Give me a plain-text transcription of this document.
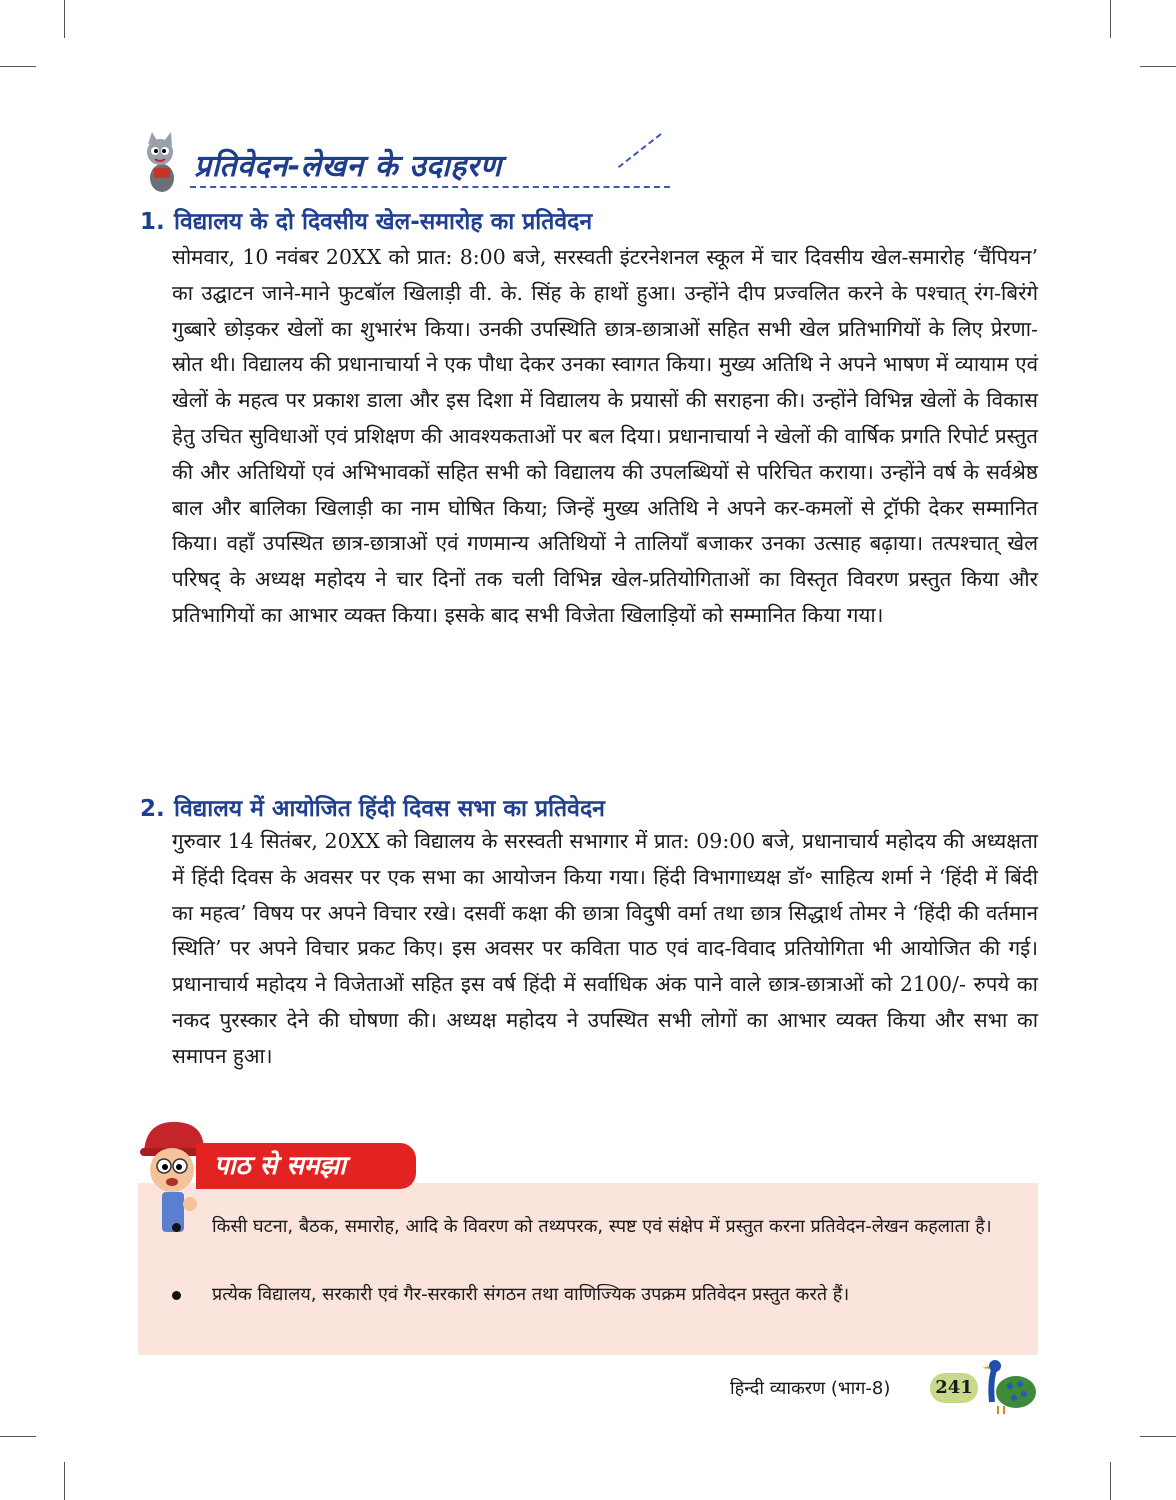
प्रतिवेदन-लेखन के उदाहरण
1. विद्यालय के दो दिवसीय खेल-समारोह का प्रतिवेदन
सोमवार, 10 नवंबर 20XX को प्रात: 8:00 बजे, सरस्वती इंटरनेशनल स्कूल में चार दिवसीय खेल-समारोह ‘चैंपियन’ का उद्घाटन जाने-माने फुटबॉल खिलाड़ी वी. के. सिंह के हाथों हुआ। उन्होंने दीप प्रज्वलित करने के पश्चात् रंग-बिरंगे गुब्बारे छोड़कर खेलों का शुभारंभ किया। उनकी उपस्थिति छात्र-छात्राओं सहित सभी खेल प्रतिभागियों के लिए प्रेरणा-स्रोत थी। विद्यालय की प्रधानाचार्या ने एक पौधा देकर उनका स्वागत किया। मुख्य अतिथि ने अपने भाषण में व्यायाम एवं खेलों के महत्व पर प्रकाश डाला और इस दिशा में विद्यालय के प्रयासों की सराहना की। उन्होंने विभिन्न खेलों के विकास हेतु उचित सुविधाओं एवं प्रशिक्षण की आवश्यकताओं पर बल दिया। प्रधानाचार्या ने खेलों की वार्षिक प्रगति रिपोर्ट प्रस्तुत की और अतिथियों एवं अभिभावकों सहित सभी को विद्यालय की उपलब्धियों से परिचित कराया। उन्होंने वर्ष के सर्वश्रेष्ठ बाल और बालिका खिलाड़ी का नाम घोषित किया; जिन्हें मुख्य अतिथि ने अपने कर-कमलों से ट्रॉफी देकर सम्मानित किया। वहाँ उपस्थित छात्र-छात्राओं एवं गणमान्य अतिथियों ने तालियाँ बजाकर उनका उत्साह बढ़ाया। तत्पश्चात् खेल परिषद् के अध्यक्ष महोदय ने चार दिनों तक चली विभिन्न खेल-प्रतियोगिताओं का विस्तृत विवरण प्रस्तुत किया और प्रतिभागियों का आभार व्यक्त किया। इसके बाद सभी विजेता खिलाड़ियों को सम्मानित किया गया।
2. विद्यालय में आयोजित हिंदी दिवस सभा का प्रतिवेदन
गुरुवार 14 सितंबर, 20XX को विद्यालय के सरस्वती सभागार में प्रात: 09:00 बजे, प्रधानाचार्य महोदय की अध्यक्षता में हिंदी दिवस के अवसर पर एक सभा का आयोजन किया गया। हिंदी विभागाध्यक्ष डॉ॰ साहित्य शर्मा ने ‘हिंदी में बिंदी का महत्व’ विषय पर अपने विचार रखे। दसवीं कक्षा की छात्रा विदुषी वर्मा तथा छात्र सिद्धार्थ तोमर ने ‘हिंदी की वर्तमान स्थिति’ पर अपने विचार प्रकट किए। इस अवसर पर कविता पाठ एवं वाद-विवाद प्रतियोगिता भी आयोजित की गई। प्रधानाचार्य महोदय ने विजेताओं सहित इस वर्ष हिंदी में सर्वाधिक अंक पाने वाले छात्र-छात्राओं को 2100/- रुपये का नकद पुरस्कार देने की घोषणा की। अध्यक्ष महोदय ने उपस्थित सभी लोगों का आभार व्यक्त किया और सभा का समापन हुआ।
पाठ से समझा
किसी घटना, बैठक, समारोह, आदि के विवरण को तथ्यपरक, स्पष्ट एवं संक्षेप में प्रस्तुत करना प्रतिवेदन-लेखन कहलाता है।
प्रत्येक विद्यालय, सरकारी एवं गैर-सरकारी संगठन तथा वाणिज्यिक उपक्रम प्रतिवेदन प्रस्तुत करते हैं।
हिन्दी व्याकरण (भाग-8) 241
